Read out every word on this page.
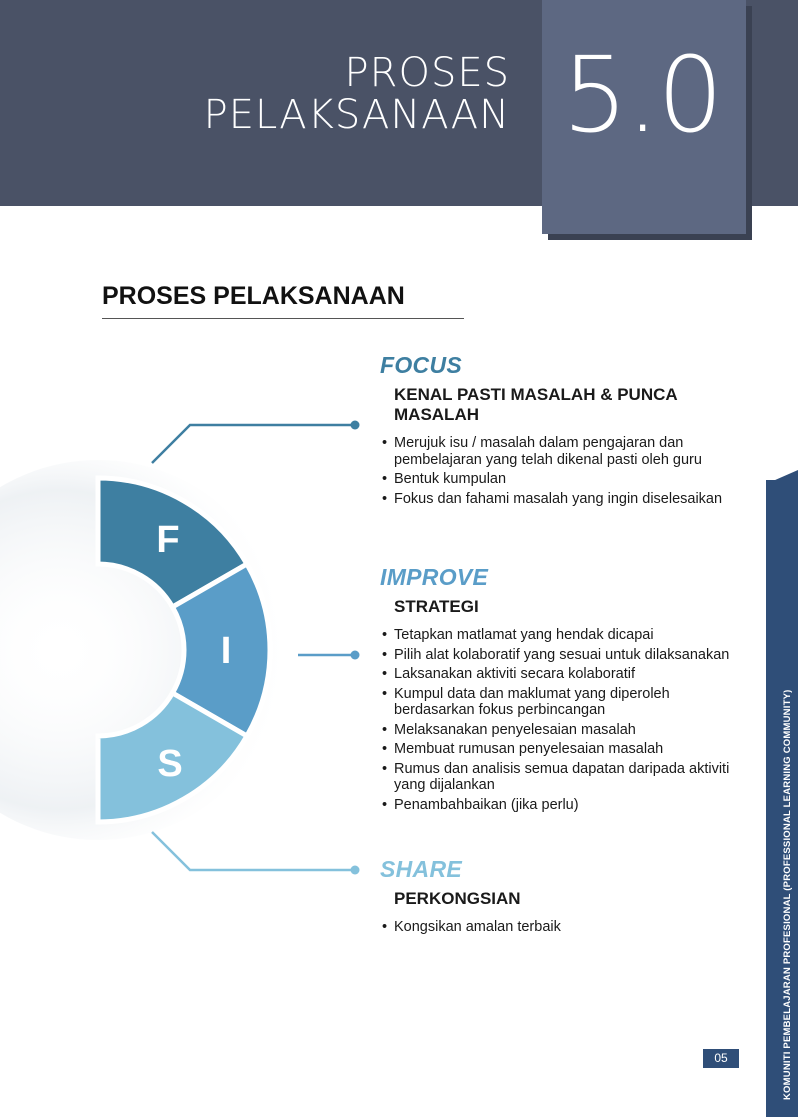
PROSES
PELAKSANAAN 5.0
PROSES PELAKSANAAN
F
I
S
FOCUS
KENAL PASTI MASALAH & PUNCA MASALAH
• Merujuk isu / masalah dalam pengajaran dan pembelajaran yang telah dikenal pasti oleh guru
• Bentuk kumpulan
• Fokus dan fahami masalah yang ingin diselesaikan
IMPROVE
STRATEGI
• Tetapkan matlamat yang hendak dicapai
• Pilih alat kolaboratif yang sesuai untuk dilaksanakan
• Laksanakan aktiviti secara kolaboratif
• Kumpul data dan maklumat yang diperoleh berdasarkan fokus perbincangan
• Melaksanakan penyelesaian masalah
• Membuat rumusan penyelesaian masalah
• Rumus dan analisis semua dapatan daripada aktiviti yang dijalankan
• Penambahbaikan (jika perlu)
SHARE
PERKONGSIAN
• Kongsikan amalan terbaik	KOMUNITI PEMBELAJARAN PROFESIONAL (PROFESSIONAL LEARNING COMMUNITY)
05
